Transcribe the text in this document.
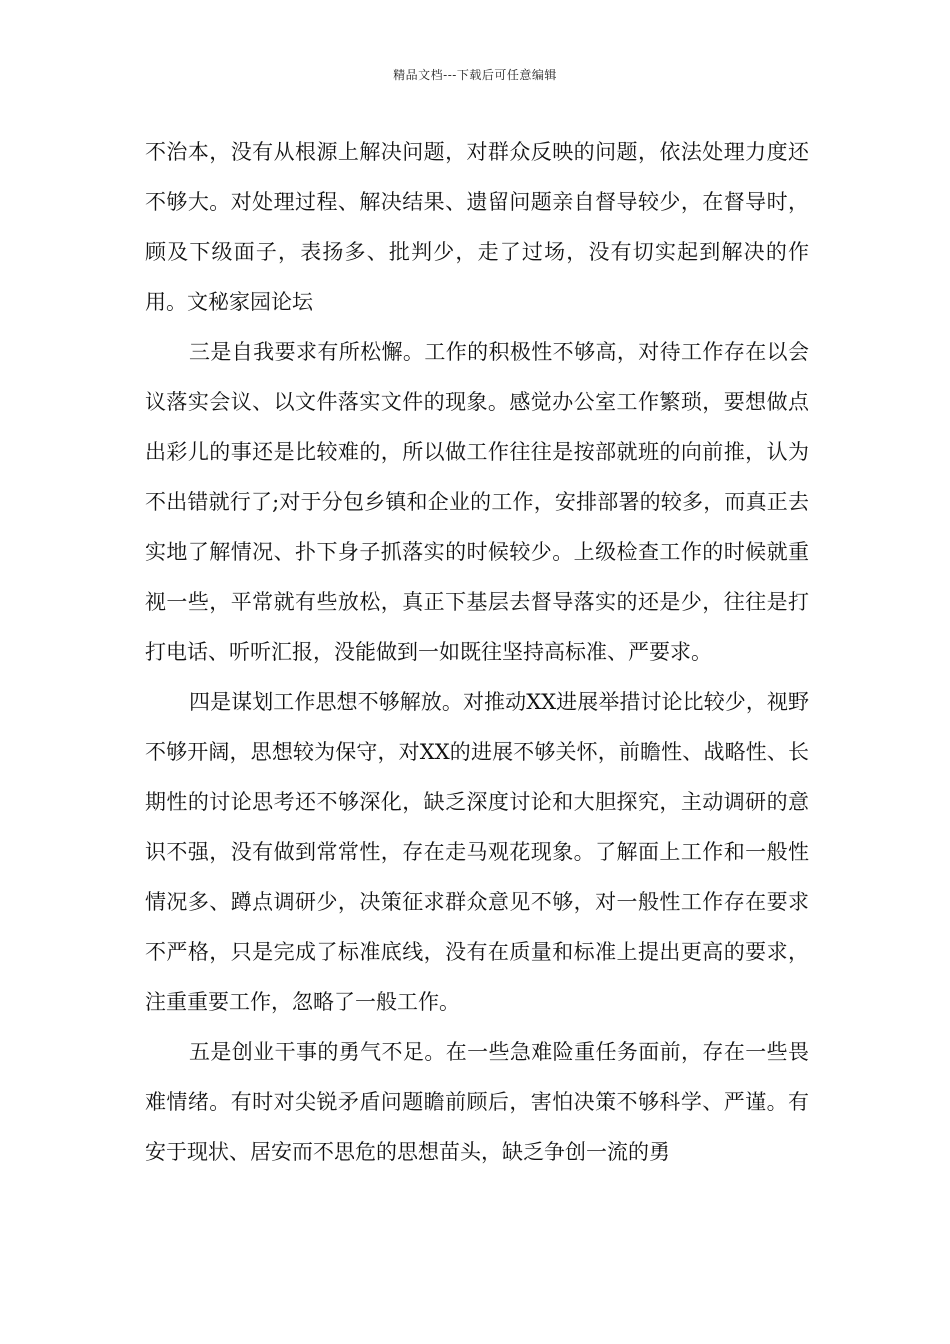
精品文档---下载后可任意编辑

不治本，没有从根源上解决问题，对群众反映的问题，依法处理力度还不够大。对处理过程、解决结果、遗留问题亲自督导较少，在督导时，顾及下级面子，表扬多、批判少，走了过场，没有切实起到解决的作用。文秘家园论坛

三是自我要求有所松懈。工作的积极性不够高，对待工作存在以会议落实会议、以文件落实文件的现象。感觉办公室工作繁琐，要想做点出彩儿的事还是比较难的，所以做工作往往是按部就班的向前推，认为不出错就行了;对于分包乡镇和企业的工作，安排部署的较多，而真正去实地了解情况、扑下身子抓落实的时候较少。上级检查工作的时候就重视一些，平常就有些放松，真正下基层去督导落实的还是少，往往是打打电话、听听汇报，没能做到一如既往坚持高标准、严要求。

四是谋划工作思想不够解放。对推动XX进展举措讨论比较少，视野不够开阔，思想较为保守，对XX的进展不够关怀，前瞻性、战略性、长期性的讨论思考还不够深化，缺乏深度讨论和大胆探究，主动调研的意识不强，没有做到常常性，存在走马观花现象。了解面上工作和一般性情况多、蹲点调研少，决策征求群众意见不够，对一般性工作存在要求不严格，只是完成了标准底线，没有在质量和标准上提出更高的要求，注重重要工作，忽略了一般工作。

五是创业干事的勇气不足。在一些急难险重任务面前，存在一些畏难情绪。有时对尖锐矛盾问题瞻前顾后，害怕决策不够科学、严谨。有安于现状、居安而不思危的思想苗头，缺乏争创一流的勇
